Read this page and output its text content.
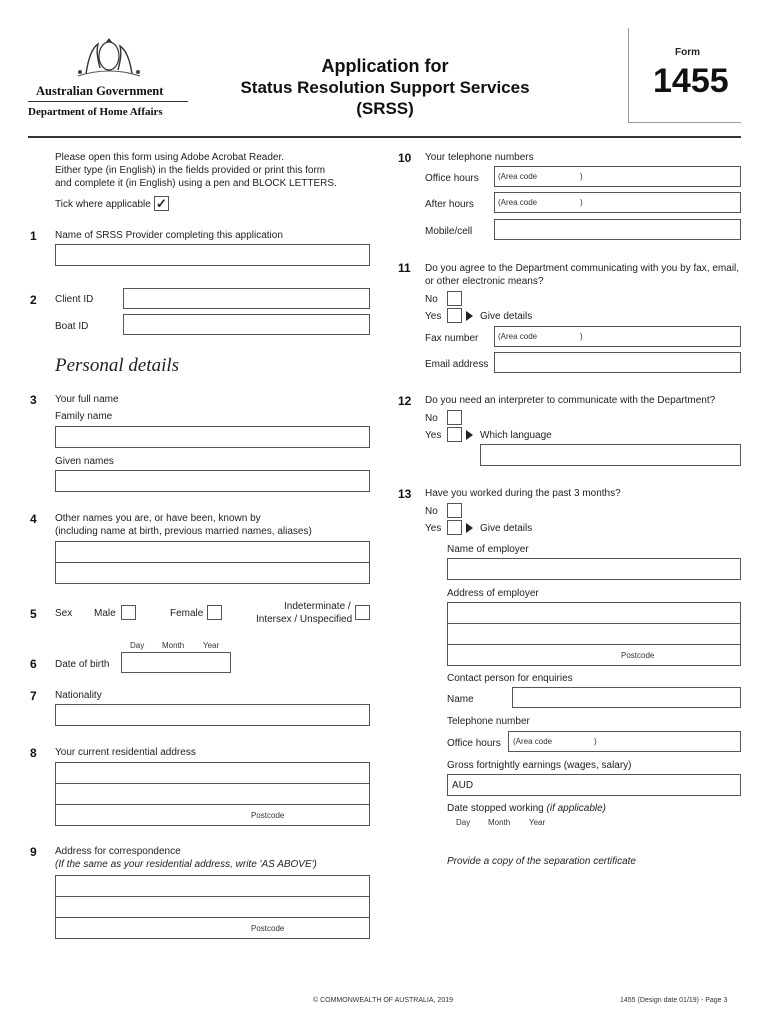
Australian Government
Department of Home Affairs
Application for
Status Resolution Support Services (SRSS)
Form
1455
Please open this form using Adobe Acrobat Reader.
Either type (in English) in the fields provided or print this form
and complete it (in English) using a pen and BLOCK LETTERS.
Tick where applicable ✓
1 Name of SRSS Provider completing this application
2 Client ID
Boat ID
Personal details
3 Your full name
Family name
Given names
4 Other names you are, or have been, known by
(including name at birth, previous married names, aliases)
5 Sex Male	Female
Indeterminate /
Intersex / Unspecified
Day Month Year
6 Date of birth
7 Nationality
8 Your current residential address
Postcode
9 Address for correspondence
(If the same as your residential address, write 'AS ABOVE')
Postcode
10 Your telephone numbers
Office hours (Area code	)
After hours	(Area code	)
Mobile/cell
11 Do you agree to the Department communicating with you by fax, email,
or other electronic means?
No
Yes	Give details
Fax number (Area code	)
Email address
12 Do you need an interpreter to communicate with the Department?
No
Yes	Which language
13 Have you worked during the past 3 months?
No
Yes	Give details
Name of employer
Address of employer
Postcode
Contact person for enquiries
Name
Telephone number
Office hours (Area code	)
Gross fortnightly earnings (wages, salary)
AUD
Date stopped working (if applicable)
Day Month Year
Provide a copy of the separation certificate
© COMMONWEALTH OF AUSTRALIA, 2019	1455 (Design date 01/19) - Page 3
